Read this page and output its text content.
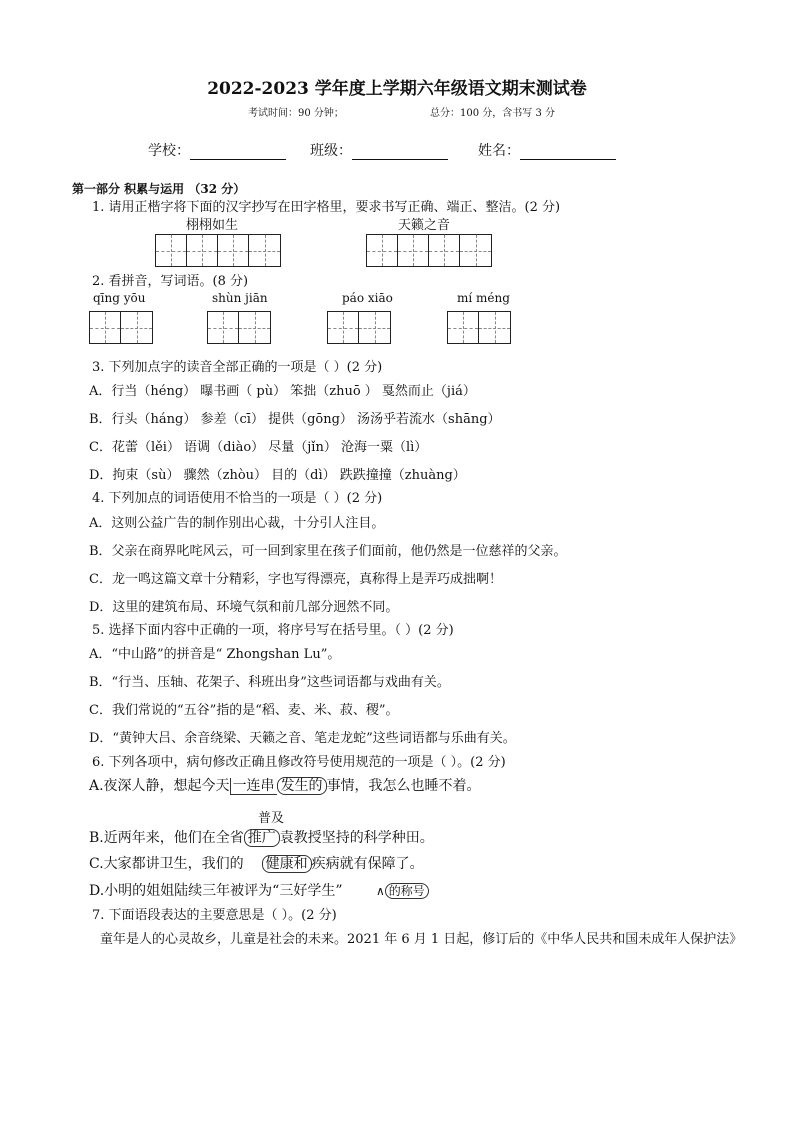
2022-2023 学年度上学期六年级语文期末测试卷
考试时间：90 分钟；	总分：100 分，含书写 3 分
学校：	班级：	姓名：
第一部分 积累与运用 （32 分）
1. 请用正楷字将下面的汉字抄写在田字格里，要求书写正确、端正、整洁。(2 分)
栩栩如生	天籁之音
2. 看拼音，写词语。(8 分)
qīng yōu	shùn jiān	páo xiāo	mí méng
3. 下列加点字的读音全部正确的一项是（ ）(2 分)
A．行当（héng） 曝书画（ pù） 笨拙（zhuō ） 戛然而止（jiá）
B．行头（háng） 参差（cī） 提供（gōng） 汤汤乎若流水（shāng）
C．花蕾（lěi） 语调（diào） 尽量（jǐn） 沧海一粟（lì）
D．拘束（sù） 骤然（zhòu） 目的（dì） 跌跌撞撞（zhuàng）
4. 下列加点的词语使用不恰当的一项是（ ）(2 分)
A．这则公益广告的制作别出心裁，十分引人注目。
B．父亲在商界叱咤风云，可一回到家里在孩子们面前，他仍然是一位慈祥的父亲。
C．龙一鸣这篇文章十分精彩，字也写得漂亮，真称得上是弄巧成拙啊！
D．这里的建筑布局、环境气氛和前几部分迥然不同。
5. 选择下面内容中正确的一项，将序号写在括号里。（ ）(2 分)
A．“中山路”的拼音是“ Zhongshan Lu”。
B．“行当、压轴、花架子、科班出身”这些词语都与戏曲有关。
C．我们常说的“五谷”指的是“稻、麦、米、菽、稷”。
D．“黄钟大吕、余音绕梁、天籁之音、笔走龙蛇”这些词语都与乐曲有关。
6. 下列各项中，病句修改正确且修改符号使用规范的一项是（ ）。(2 分)
A.夜深人静，想起今天 一连串 发生的 事情，我怎么也睡不着。
普及
B.近两年来，他们在全省 推广 袁教授坚持的科学种田。
C.大家都讲卫生，我们的 健康和 疾病就有保障了。
D.小明的姐姐陆续三年被评为“三好学生”	∧ 的称号
7. 下面语段表达的主要意思是（ ）。(2 分)
童年是人的心灵故乡，儿童是社会的未来。2021 年 6 月 1 日起，修订后的《中华人民共和国未成年人保护法》
